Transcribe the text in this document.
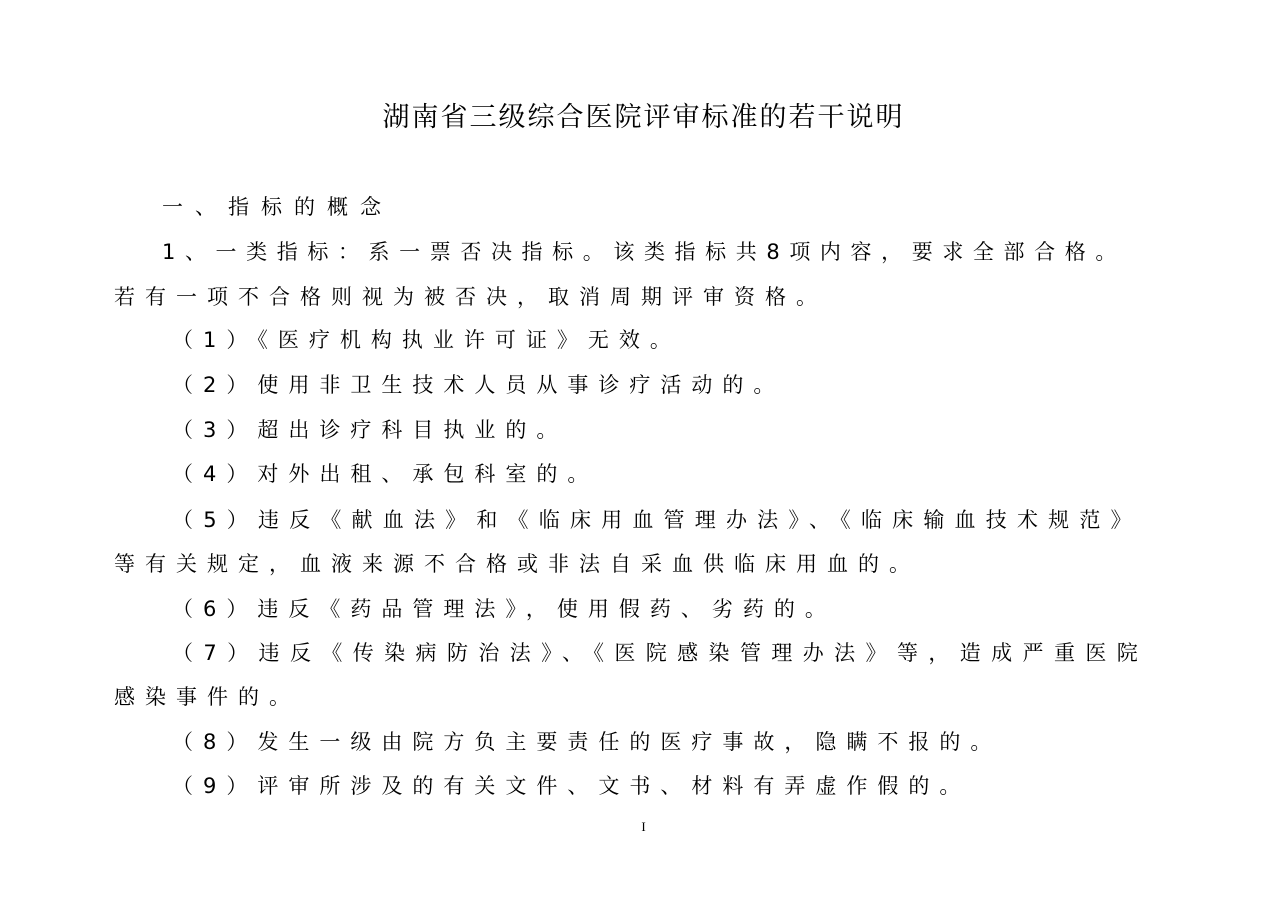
湖南省三级综合医院评审标准的若干说明
一、指标的概念
1、一类指标：系一票否决指标。该类指标共8项内容，要求全部合格。
若有一项不合格则视为被否决，取消周期评审资格。
（1）《医疗机构执业许可证》无效。
（2）使用非卫生技术人员从事诊疗活动的。
（3）超出诊疗科目执业的。
（4）对外出租、承包科室的。
（5）违反《献血法》和《临床用血管理办法》、《临床输血技术规范》
等有关规定，血液来源不合格或非法自采血供临床用血的。
（6）违反《药品管理法》，使用假药、劣药的。
（7）违反《传染病防治法》、《医院感染管理办法》等，造成严重医院
感染事件的。
（8）发生一级由院方负主要责任的医疗事故，隐瞒不报的。
（9）评审所涉及的有关文件、文书、材料有弄虚作假的。
I
